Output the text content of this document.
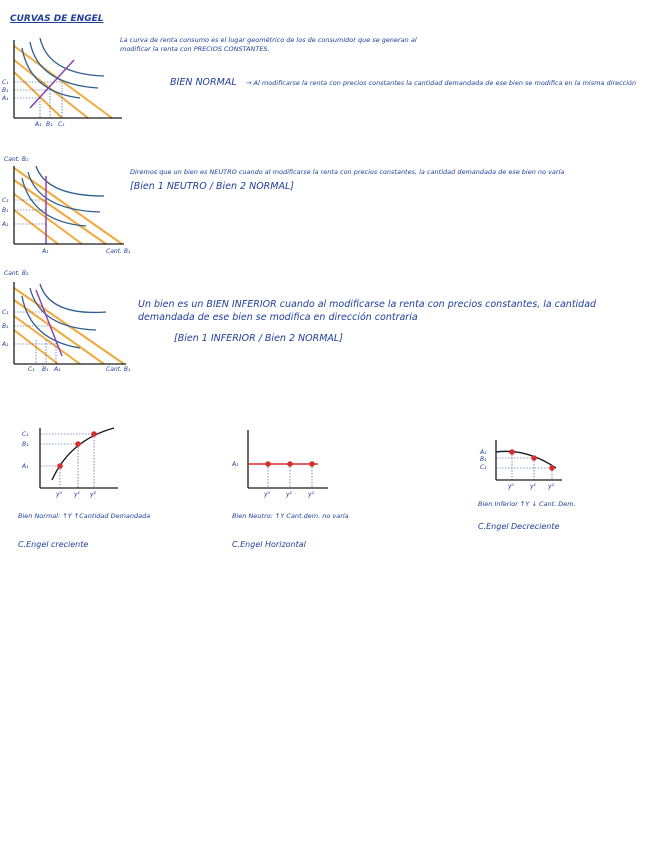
CURVAS DE ENGEL
La curva de renta consumo es el lugar geométrico de los de consumidor que se generan al modificar la renta con PRECIOS CONSTANTES.
BIEN NORMAL → Al modificarse la renta con precios constantes la cantidad demandada de ese bien se modifica en la misma dirección
C₁
B₁
A₁
A₁ B₁ C₁
Cant. B₂
Cant. B₁
C₁
B₁
A₁
A₁
Diremos que un bien es NEUTRO cuando al modificarse la renta con precios constantes, la cantidad demandada de ese bien no varía
[Bien 1 NEUTRO / Bien 2 NORMAL]
Cant. B₂
Cant. B₁
C₁
B₁
A₁
C₁ B₁ A₁
Un bien es un BIEN INFERIOR cuando al modificarse la renta con precios constantes, la cantidad demandada de ese bien se modifica en dirección contraria
[Bien 1 INFERIOR / Bien 2 NORMAL]
C₁
B₁
A₁
y⁰ y¹ y²
Bien Normal: ↑Y ↑Cantidad Demandada
C.Engel creciente
A₁
y⁰	y¹	y²
Bien Neutro: ↑Y Cant.dem. no varía
C.Engel Horizontal
A₁
B₁
C₁
y⁰	y¹ y²
Bien Inferior ↑Y ↓ Cant. Dem.
C.Engel Decreciente
